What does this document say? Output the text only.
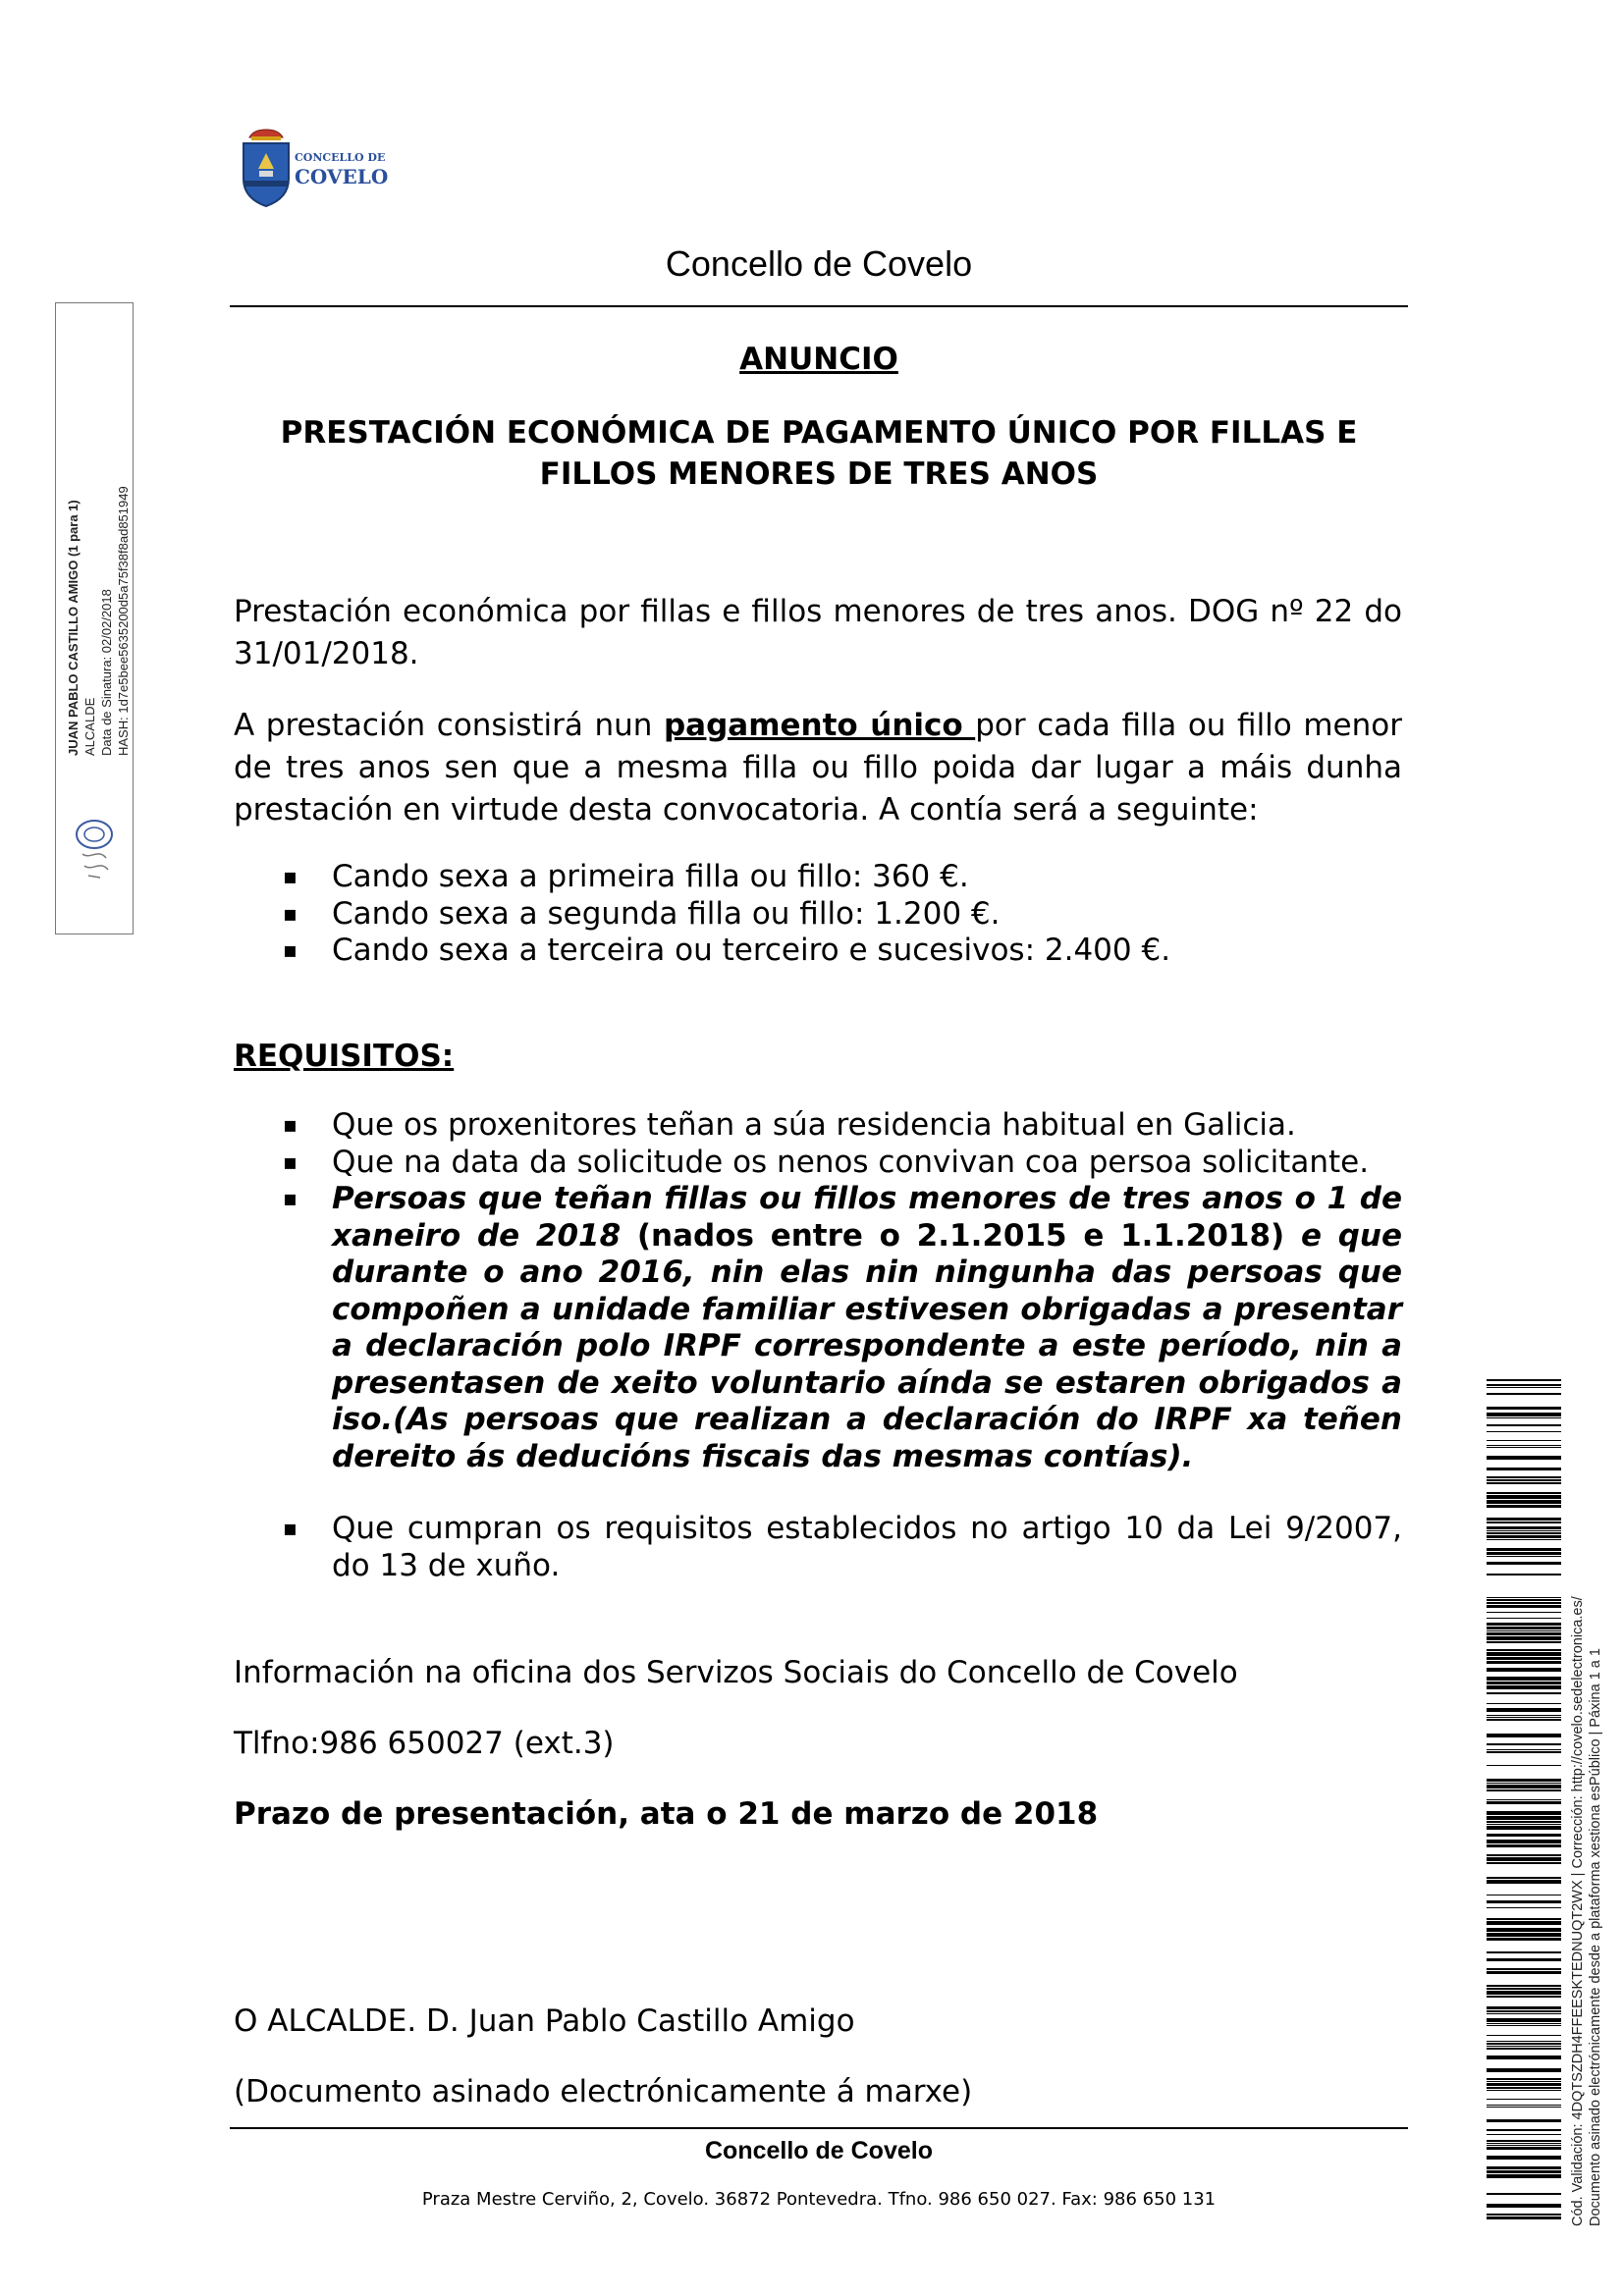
CONCELLO DE
COVELO
Concello de Covelo
JUAN PABLO CASTILLO AMIGO (1 para 1) ALCALDE Data de Sinatura: 02/02/2018 HASH: 1d7e5bee5635200d5a75f38f8ad851949
ANUNCIO
PRESTACIÓN ECONÓMICA DE PAGAMENTO ÚNICO POR FILLAS E
FILLOS MENORES DE TRES ANOS
Prestación económica por fillas e fillos menores de tres anos. DOG nº 22 do 31/01/2018.
A prestación consistirá nun pagamento único por cada filla ou fillo menor de tres anos sen que a mesma filla ou fillo poida dar lugar a máis dunha prestación en virtude desta convocatoria. A contía será a seguinte:
▪ Cando sexa a primeira filla ou fillo: 360 €.
▪ Cando sexa a segunda filla ou fillo: 1.200 €.
▪ Cando sexa a terceira ou terceiro e sucesivos: 2.400 €.
REQUISITOS:
▪ Que os proxenitores teñan a súa residencia habitual en Galicia.
▪ Que na data da solicitude os nenos convivan coa persoa solicitante.
▪ Persoas que teñan fillas ou fillos menores de tres anos o 1 de xaneiro de 2018 (nados entre o 2.1.2015 e 1.1.2018) e que durante o ano 2016, nin elas nin ningunha das persoas que compoñen a unidade familiar estivesen obrigadas a presentar a declaración polo IRPF correspondente a este período, nin a presentasen de xeito voluntario aínda se estaren obrigados a iso.(As persoas que realizan a declaración do IRPF xa teñen dereito ás deducións fiscais das mesmas contías).
▪ Que cumpran os requisitos establecidos no artigo 10 da Lei 9/2007, do 13 de xuño.
Información na oficina dos Servizos Sociais do Concello de Covelo
Tlfno:986 650027 (ext.3)
Prazo de presentación, ata o 21 de marzo de 2018
O ALCALDE. D. Juan Pablo Castillo Amigo
(Documento asinado electrónicamente á marxe)
Concello de Covelo
Praza Mestre Cerviño, 2, Covelo. 36872 Pontevedra. Tfno. 986 650 027. Fax: 986 650 131	Cód. Validación: 4DQTSZDH4FFEESKTEDNUQT2WX | Corrección: http://covelo.sedelectronica.es/ Documento asinado electrónicamente desde a plataforma xestiona esPúblico | Páxina 1 a 1
